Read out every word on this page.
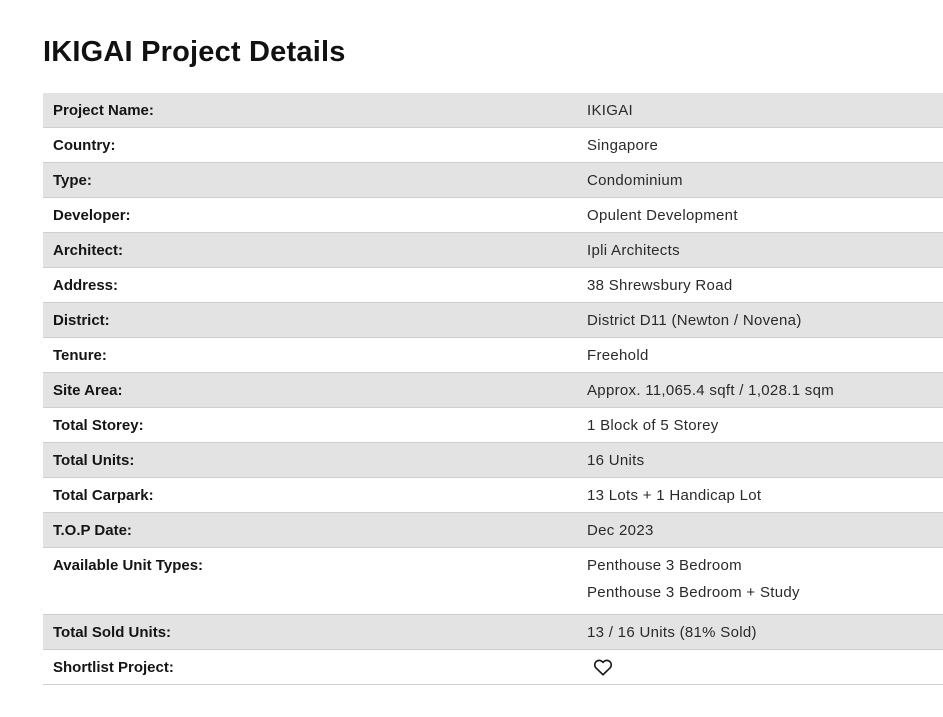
IKIGAI Project Details
Project Name:	IKIGAI
Country:	Singapore
Type:	Condominium
Developer:	Opulent Development
Architect:	Ipli Architects
Address:	38 Shrewsbury Road
District:	District D11 (Newton / Novena)
Tenure:	Freehold
Site Area:	Approx. 11,065.4 sqft / 1,028.1 sqm
Total Storey:	1 Block of 5 Storey
Total Units:	16 Units
Total Carpark:	13 Lots + 1 Handicap Lot
T.O.P Date:	Dec 2023
Available Unit Types:	Penthouse 3 Bedroom
Penthouse 3 Bedroom + Study

Total Sold Units:	13 / 16 Units (81% Sold)
Shortlist Project:	
